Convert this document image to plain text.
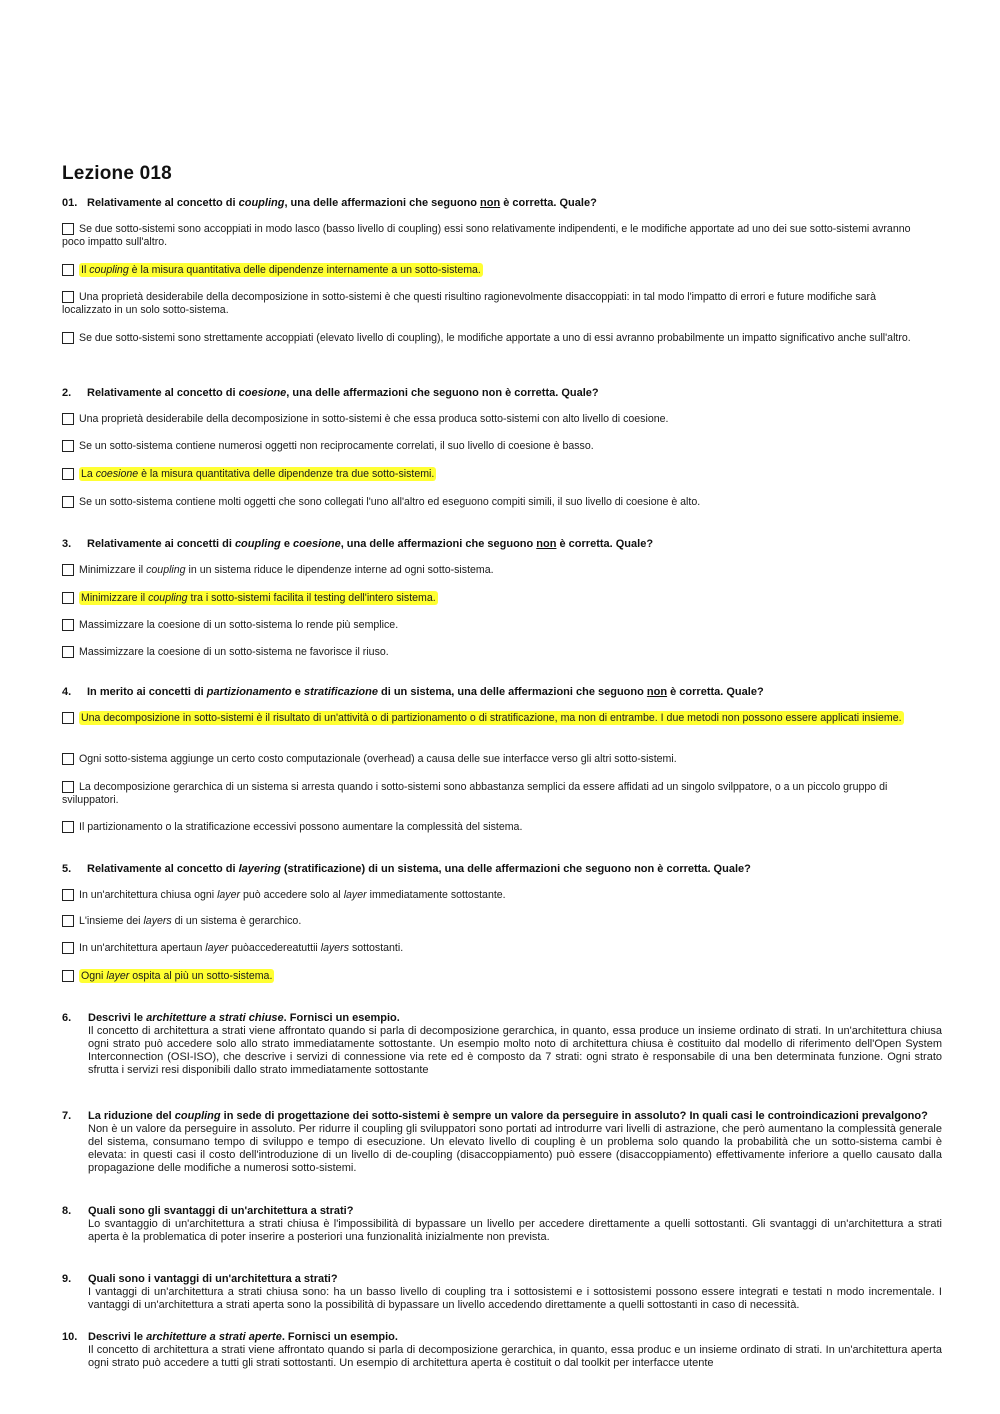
Lezione 018
01. Relativamente al concetto di coupling, una delle affermazioni che seguono non è corretta. Quale?
Se due sotto-sistemi sono accoppiati in modo lasco (basso livello di coupling) essi sono relativamente indipendenti, e le modifiche apportate ad uno dei sue sotto-sistemi avranno poco impatto sull'altro.
Il coupling è la misura quantitativa delle dipendenze internamente a un sotto-sistema.
Una proprietà desiderabile della decomposizione in sotto-sistemi è che questi risultino ragionevolmente disaccoppiati: in tal modo l'impatto di errori e future modifiche sarà localizzato in un solo sotto-sistema.
Se due sotto-sistemi sono strettamente accoppiati (elevato livello di coupling), le modifiche apportate a uno di essi avranno probabilmente un impatto significativo anche sull'altro.
2. Relativamente al concetto di coesione, una delle affermazioni che seguono non è corretta. Quale?
Una proprietà desiderabile della decomposizione in sotto-sistemi è che essa produca sotto-sistemi con alto livello di coesione.
Se un sotto-sistema contiene numerosi oggetti non reciprocamente correlati, il suo livello di coesione è basso.
La coesione è la misura quantitativa delle dipendenze tra due sotto-sistemi.
Se un sotto-sistema contiene molti oggetti che sono collegati l'uno all'altro ed eseguono compiti simili, il suo livello di coesione è alto.
3. Relativamente ai concetti di coupling e coesione, una delle affermazioni che seguono non è corretta. Quale?
Minimizzare il coupling in un sistema riduce le dipendenze interne ad ogni sotto-sistema.
Minimizzare il coupling tra i sotto-sistemi facilita il testing dell'intero sistema.
Massimizzare la coesione di un sotto-sistema lo rende più semplice.
Massimizzare la coesione di un sotto-sistema ne favorisce il riuso.
4. In merito ai concetti di partizionamento e stratificazione di un sistema, una delle affermazioni che seguono non è corretta. Quale?
Una decomposizione in sotto-sistemi è il risultato di un'attività o di partizionamento o di stratificazione, ma non di entrambe. I due metodi non possono essere applicati insieme.
Ogni sotto-sistema aggiunge un certo costo computazionale (overhead) a causa delle sue interfacce verso gli altri sotto-sistemi.
La decomposizione gerarchica di un sistema si arresta quando i sotto-sistemi sono abbastanza semplici da essere affidati ad un singolo svilppatore, o a un piccolo gruppo di sviluppatori.
Il partizionamento o la stratificazione eccessivi possono aumentare la complessità del sistema.
5. Relativamente al concetto di layering (stratificazione) di un sistema, una delle affermazioni che seguono non è corretta. Quale?
In un'architettura chiusa ogni layer può accedere solo al layer immediatamente sottostante.
L'insieme dei layers di un sistema è gerarchico.
In un'architettura apertaun layer puòaccedereatuttii layers sottostanti.
Ogni layer ospita al più un sotto-sistema.
6. Descrivi le architetture a strati chiuse. Fornisci un esempio.
Il concetto di architettura a strati viene affrontato quando si parla di decomposizione gerarchica, in quanto, essa produce un insieme ordinato di strati. In un'architettura chiusa ogni strato può accedere solo allo strato immediatamente sottostante. Un esempio molto noto di architettura chiusa è costituito dal modello di riferimento dell'Open System Interconnection (OSI-ISO), che descrive i servizi di connessione via rete ed è composto da 7 strati: ogni strato è responsabile di una ben determinata funzione. Ogni strato sfrutta i servizi resi disponibili dallo strato immediatamente sottostante
7. La riduzione del coupling in sede di progettazione dei sotto-sistemi è sempre un valore da perseguire in assoluto? In quali casi le controindicazioni prevalgono?
Non è un valore da perseguire in assoluto. Per ridurre il coupling gli sviluppatori sono portati ad introdurre vari livelli di astrazione, che però aumentano la complessità generale del sistema, consumano tempo di sviluppo e tempo di esecuzione. Un elevato livello di coupling è un problema solo quando la probabilità che un sotto-sistema cambi è elevata: in questi casi il costo dell'introduzione di un livello di de-coupling (disaccoppiamento) può essere (disaccoppiamento) effettivamente inferiore a quello causato dalla propagazione delle modifiche a numerosi sotto-sistemi.
8. Quali sono gli svantaggi di un'architettura a strati?
Lo svantaggio di un'architettura a strati chiusa è l'impossibilità di bypassare un livello per accedere direttamente a quelli sottostanti. Gli svantaggi di un'architettura a strati aperta è la problematica di poter inserire a posteriori una funzionalità inizialmente non prevista.
9. Quali sono i vantaggi di un'architettura a strati?
I vantaggi di un'architettura a strati chiusa sono: ha un basso livello di coupling tra i sottosistemi e i sottosistemi possono essere integrati e testati n modo incrementale. I vantaggi di un'architettura a strati aperta sono la possibilità di bypassare un livello accedendo direttamente a quelli sottostanti in caso di necessità.
10. Descrivi le architetture a strati aperte. Fornisci un esempio.
Il concetto di architettura a strati viene affrontato quando si parla di decomposizione gerarchica, in quanto, essa produc e un insieme ordinato di strati. In un'architettura aperta ogni strato può accedere a tutti gli strati sottostanti. Un esempio di architettura aperta è costituit o dal toolkit per interfacce utente
